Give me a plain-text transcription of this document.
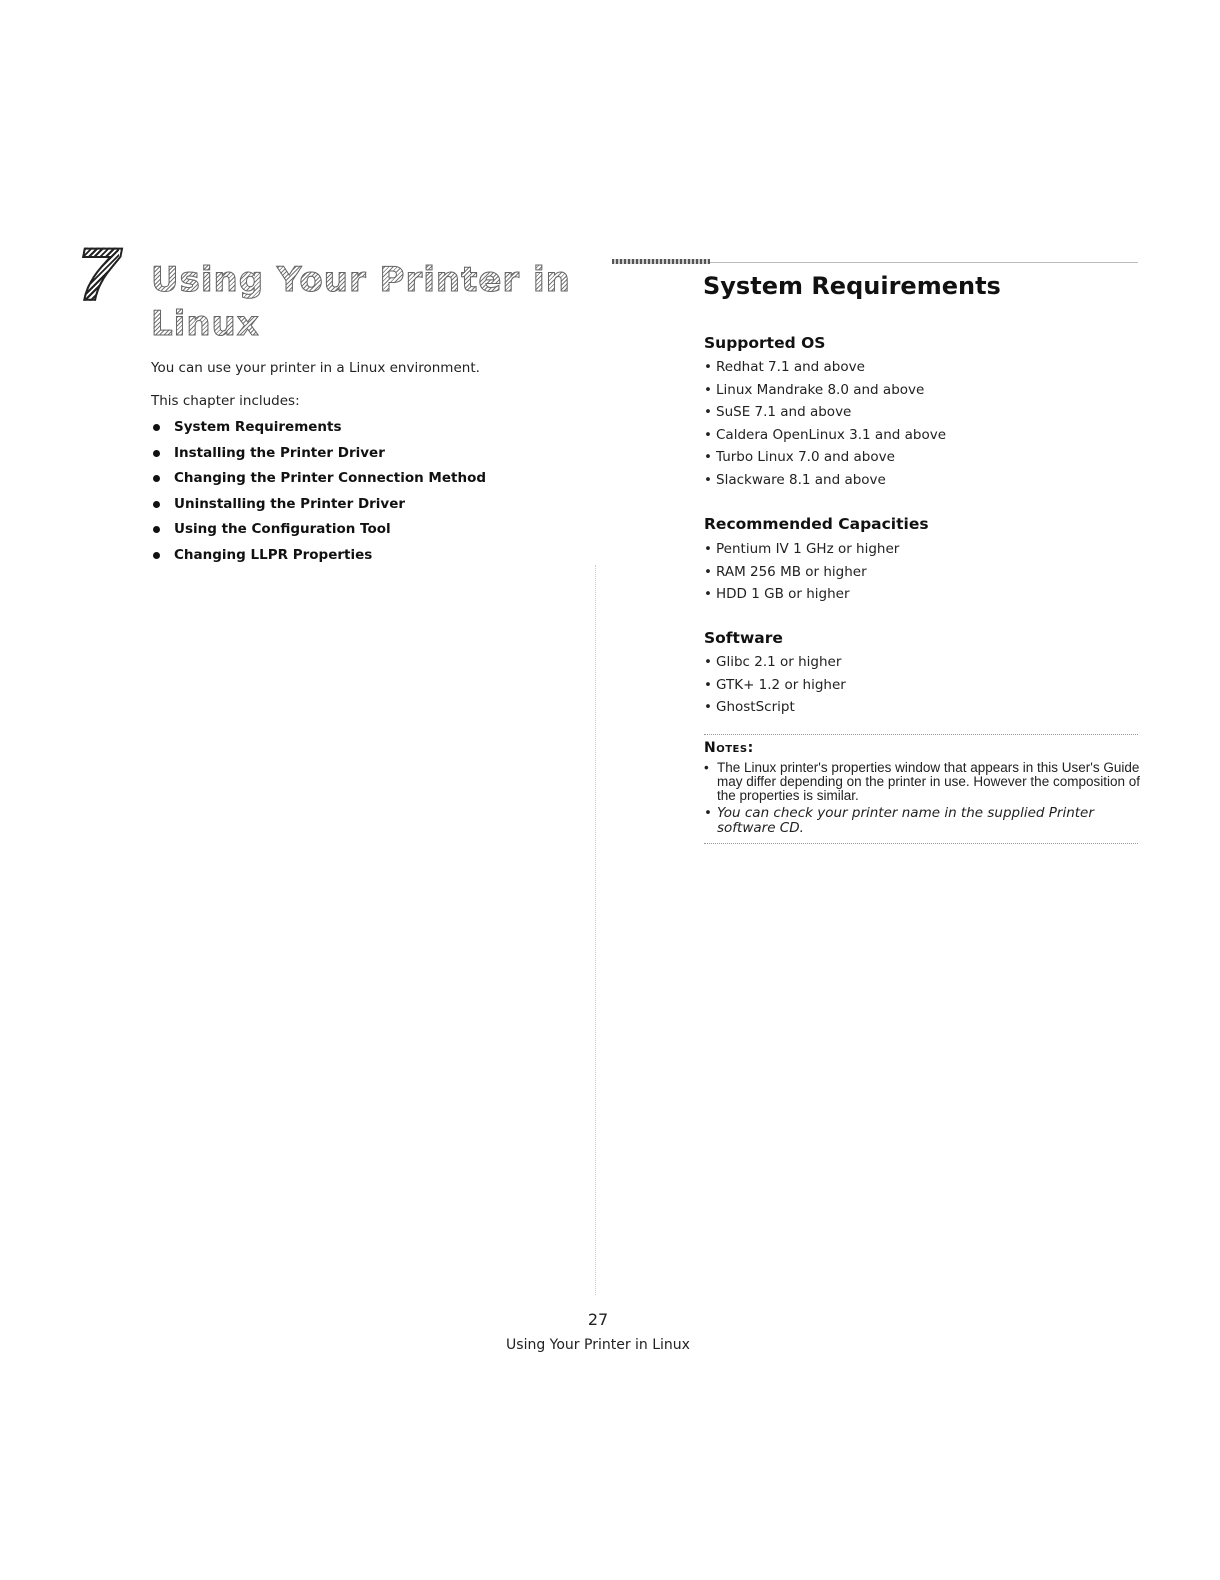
7 Using Your Printer in Linux

You can use your printer in a Linux environment.

This chapter includes:

System Requirements
Installing the Printer Driver
Changing the Printer Connection Method
Uninstalling the Printer Driver
Using the Configuration Tool
Changing LLPR Properties
System Requirements
Supported OS
• Redhat 7.1 and above
• Linux Mandrake 8.0 and above
• SuSE 7.1 and above
• Caldera OpenLinux 3.1 and above
• Turbo Linux 7.0 and above
• Slackware 8.1 and above
Recommended Capacities
• Pentium IV 1 GHz or higher
• RAM 256 MB or higher
• HDD 1 GB or higher
Software
• Glibc 2.1 or higher
• GTK+ 1.2 or higher
• GhostScript
Notes:
• The Linux printer's properties window that appears in this User's Guide may differ depending on the printer in use. However the composition of the properties is similar.
• You can check your printer name in the supplied Printer software CD.
27
Using Your Printer in Linux
